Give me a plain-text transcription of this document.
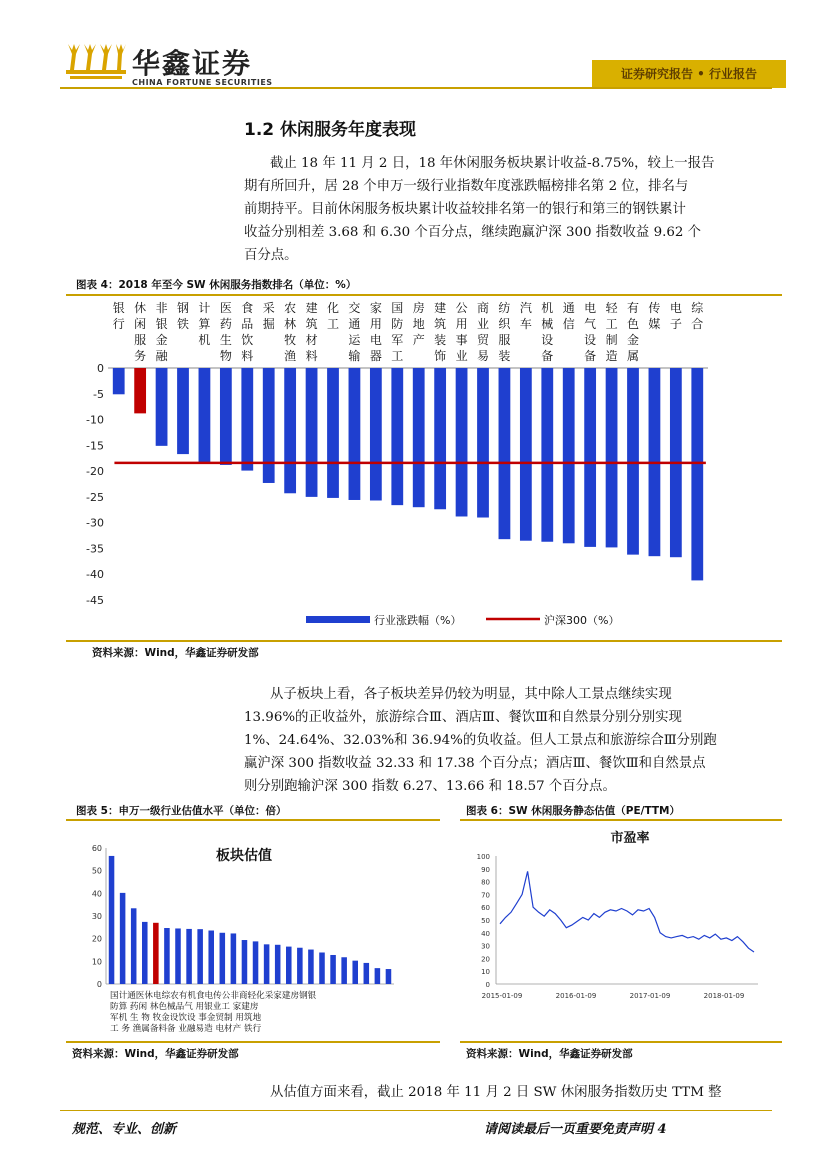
华鑫证券
CHINA FORTUNE SECURITIES
证券研究报告 • 行业报告
1.2 休闲服务年度表现
截止 18 年 11 月 2 日，18 年休闲服务板块累计收益-8.75%，较上一报告
期有所回升，居 28 个申万一级行业指数年度涨跌幅榜排名第 2 位，排名与
前期持平。目前休闲服务板块累计收益较排名第一的银行和第三的钢铁累计
收益分别相差 3.68 和 6.30 个百分点，继续跑赢沪深 300 指数收益 9.62 个
百分点。
图表 4：2018 年至今 SW 休闲服务指数排名（单位：%）
0
-5
-10
-15
-20
-25
-30
-35
-40
-45
银
行
休
闲
服
务
非
银
金
融
钢
铁
计
算
机
医
药
生
物
食
品
饮
料
采
掘
农
林
牧
渔
建
筑
材
料
化
工
交
通
运
输
家
用
电
器
国
防
军
工
房
地
产
建
筑
装
饰
公
用
事
业
商
业
贸
易
纺
织
服
装
汽
车
机
械
设
备
通
信
电
气
设
备
轻
工
制
造
有
色
金
属
传
媒
电
子
综
合
行业涨跌幅（%）	沪深300（%）
资料来源：Wind，华鑫证券研发部
从子板块上看，各子板块差异仍较为明显，其中除人工景点继续实现
13.96%的正收益外，旅游综合Ⅲ、酒店Ⅲ、餐饮Ⅲ和自然景分别分别实现
1%、24.64%、32.03%和 36.94%的负收益。但人工景点和旅游综合Ⅲ分别跑
赢沪深 300 指数收益 32.33 和 17.38 个百分点；酒店Ⅲ、餐饮Ⅲ和自然景点
则分别跑输沪深 300 指数 6.27、13.66 和 18.57 个百分点。
图表 5：申万一级行业估值水平（单位：倍）
板块估值
0
10
20
30
40
50
60
国计通医休电综农有机食电传公非商轻化采家建房钢银
防算 药闲 林色械品气 用银业工 家建房
军机 生 物 牧金设饮设 事金贸制 用筑地
工 务 渔属备料备 业融易造 电材产 铁行
资料来源：Wind，华鑫证券研发部
图表 6：SW 休闲服务静态估值（PE/TTM）
市盈率
0
10
20
30
40
50
60
70
80
90
100
2015-01-09	2016-01-09	2017-01-09	2018-01-09
资料来源：Wind，华鑫证券研发部
从估值方面来看，截止 2018 年 11 月 2 日 SW 休闲服务指数历史 TTM 整
规范、专业、创新	请阅读最后一页重要免责声明 4
